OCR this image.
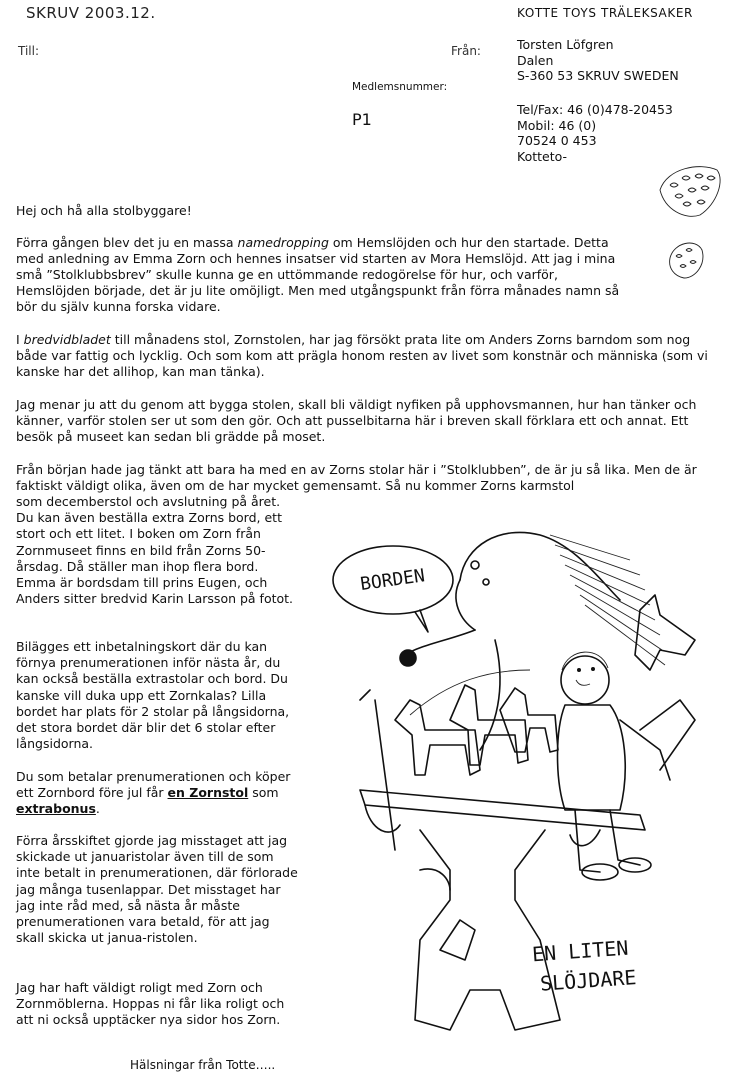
SKRUV 2003.12.	KOTTE TOYS TRÄLEKSAKER
Till:	Från:	Torsten Löfgren
Dalen
S-360 53 SKRUV SWEDEN
Tel/Fax: 46 (0)478-20453
Mobil: 46 (0)
70524 0 453
Kotteto-
Medlemsnummer:
P1

Hej och hå alla stolbyggare!

Förra gången blev det ju en massa namedropping om Hemslöjden och hur den startade. Detta med anledning av Emma Zorn och hennes insatser vid starten av Mora Hemslöjd. Att jag i mina små ”Stolklubbsbrev” skulle kunna ge en uttömmande redogörelse för hur, och varför, Hemslöjden började, det är ju lite omöjligt. Men med utgångspunkt från förra månades namn så bör du själv kunna forska vidare.

I bredvidbladet till månadens stol, Zornstolen, har jag försökt prata lite om Anders Zorns barndom som nog både var fattig och lycklig. Och som kom att prägla honom resten av livet som konstnär och människa (som vi kanske har det allihop, kan man tänka).

Jag menar ju att du genom att bygga stolen, skall bli väldigt nyfiken på upphovsmannen, hur han tänker och känner, varför stolen ser ut som den gör. Och att pusselbitarna här i breven skall förklara ett och annat. Ett besök på museet kan sedan bli grädde på moset.

Från början hade jag tänkt att bara ha med en av Zorns stolar här i ”Stolklubben”, de är ju så lika. Men de är faktiskt väldigt olika, även om de har mycket gemensamt. Så nu kommer Zorns karmstol

som decemberstol och avslutning på året. Du kan även beställa extra Zorns bord, ett stort och ett litet. I boken om Zorn från Zornmuseet finns en bild från Zorns 50-årsdag. Då ställer man ihop flera bord. Emma är bordsdam till prins Eugen, och Anders sitter bredvid Karin Larsson på fotot.

Bilägges ett inbetalningskort där du kan förnya prenumerationen inför nästa år, du kan också beställa extrastolar och bord. Du kanske vill duka upp ett Zornkalas? Lilla bordet har plats för 2 stolar på långsidorna, det stora bordet där blir det 6 stolar efter långsidorna.

Du som betalar prenumerationen och köper ett Zornbord före jul får en Zornstol som extrabonus.

Förra årsskiftet gjorde jag misstaget att jag skickade ut januaristolar även till de som inte betalt in prenumerationen, där förlorade jag många tusenlappar. Det misstaget har jag inte råd med, så nästa år måste prenumerationen vara betald, för att jag skall skicka ut janua-ristolen.

Jag har haft väldigt roligt med Zorn och Zornmöblerna. Hoppas ni får lika roligt och att ni också upptäcker nya sidor hos Zorn.

Hälsningar från Totte…..
BORDEN
EN LITEN
SLÖJDARE
